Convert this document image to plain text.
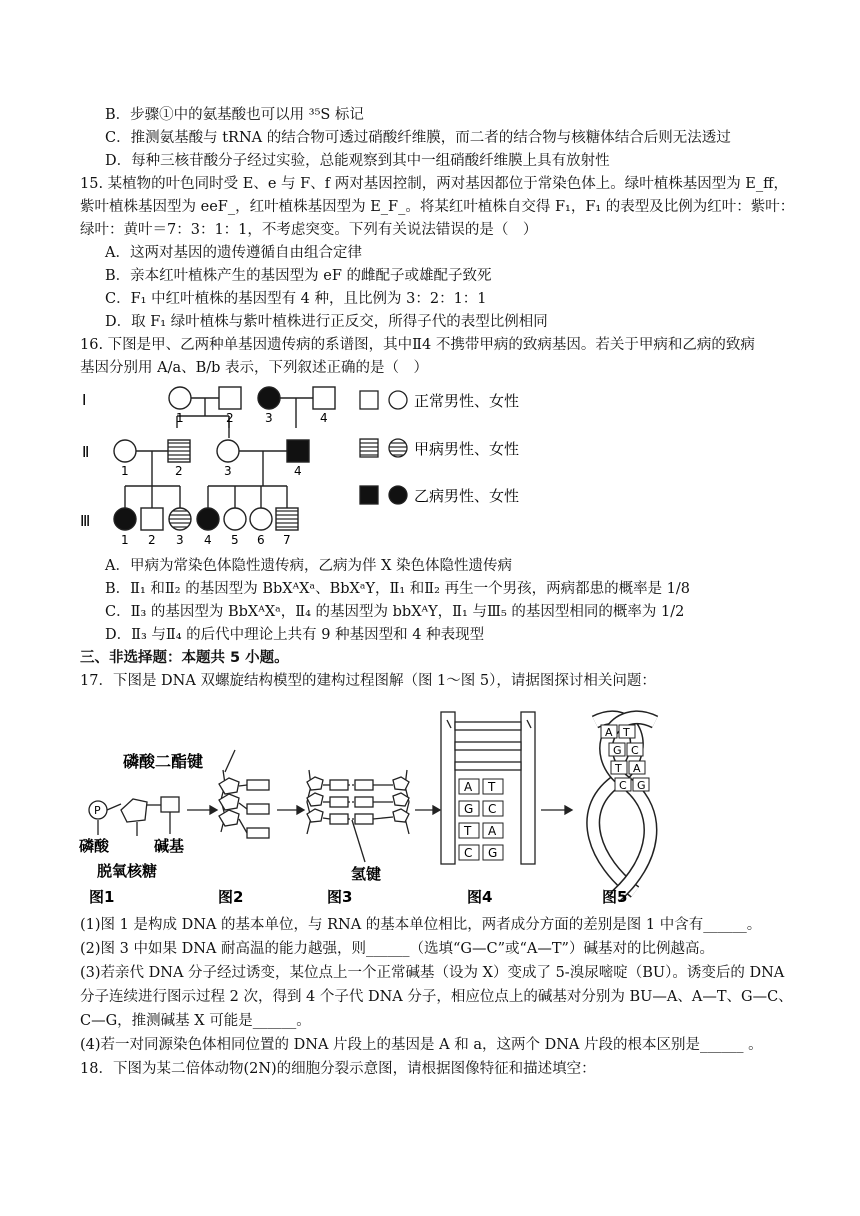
B．步骤①中的氨基酸也可以用 ³⁵S 标记
C．推测氨基酸与 tRNA 的结合物可透过硝酸纤维膜，而二者的结合物与核糖体结合后则无法透过
D．每种三核苷酸分子经过实验，总能观察到其中一组硝酸纤维膜上具有放射性
15. 某植物的叶色同时受 E、e 与 F、f 两对基因控制，两对基因都位于常染色体上。绿叶植株基因型为 E_ff，
紫叶植株基因型为 eeF_，红叶植株基因型为 E_F_。将某红叶植株自交得 F₁，F₁ 的表型及比例为红叶：紫叶：
绿叶：黄叶＝7：3：1：1，不考虑突变。下列有关说法错误的是（　）
A．这两对基因的遗传遵循自由组合定律
B．亲本红叶植株产生的基因型为 eF 的雌配子或雄配子致死
C．F₁ 中红叶植株的基因型有 4 种，且比例为 3：2：1：1
D．取 F₁ 绿叶植株与紫叶植株进行正反交，所得子代的表型比例相同
16. 下图是甲、乙两种单基因遗传病的系谱图，其中Ⅱ4 不携带甲病的致病基因。若关于甲病和乙病的致病
基因分别用 A/a、B/b 表示，下列叙述正确的是（　）
Ⅰ
Ⅱ
Ⅲ
1	2	3	4
1	2	3	4
1 2 3 4 5 6 7
正常男性、女性
甲病男性、女性
乙病男性、女性
A．甲病为常染色体隐性遗传病，乙病为伴 X 染色体隐性遗传病
B．Ⅱ₁ 和Ⅱ₂ 的基因型为 BbXᴬXᵃ、BbXᵃY，Ⅱ₁ 和Ⅱ₂ 再生一个男孩，两病都患的概率是 1/8
C．Ⅱ₃ 的基因型为 BbXᴬXᵃ，Ⅱ₄ 的基因型为 bbXᴬY，Ⅱ₁ 与Ⅲ₅ 的基因型相同的概率为 1/2
D．Ⅱ₃ 与Ⅱ₄ 的后代中理论上共有 9 种基因型和 4 种表现型
三、非选择题：本题共 5 小题。
17．下图是 DNA 双螺旋结构模型的建构过程图解（图 1～图 5），请据图探讨相关问题：
A T
G C
T A
C G
A T
G C
T A
C G
P
磷酸二酯键
磷酸	碱基
脱氧核糖	氢键
图1	图2	图3	图4	图5
(1)图 1 是构成 DNA 的基本单位，与 RNA 的基本单位相比，两者成分方面的差别是图 1 中含有______。
(2)图 3 中如果 DNA 耐高温的能力越强，则______（选填“G—C”或“A—T”）碱基对的比例越高。
(3)若亲代 DNA 分子经过诱变，某位点上一个正常碱基（设为 X）变成了 5-溴尿嘧啶（BU）。诱变后的 DNA
分子连续进行图示过程 2 次，得到 4 个子代 DNA 分子，相应位点上的碱基对分别为 BU—A、A—T、G—C、
C—G，推测碱基 X 可能是______。
(4)若一对同源染色体相同位置的 DNA 片段上的基因是 A 和 a，这两个 DNA 片段的根本区别是______ 。
18．下图为某二倍体动物(2N)的细胞分裂示意图，请根据图像特征和描述填空：
